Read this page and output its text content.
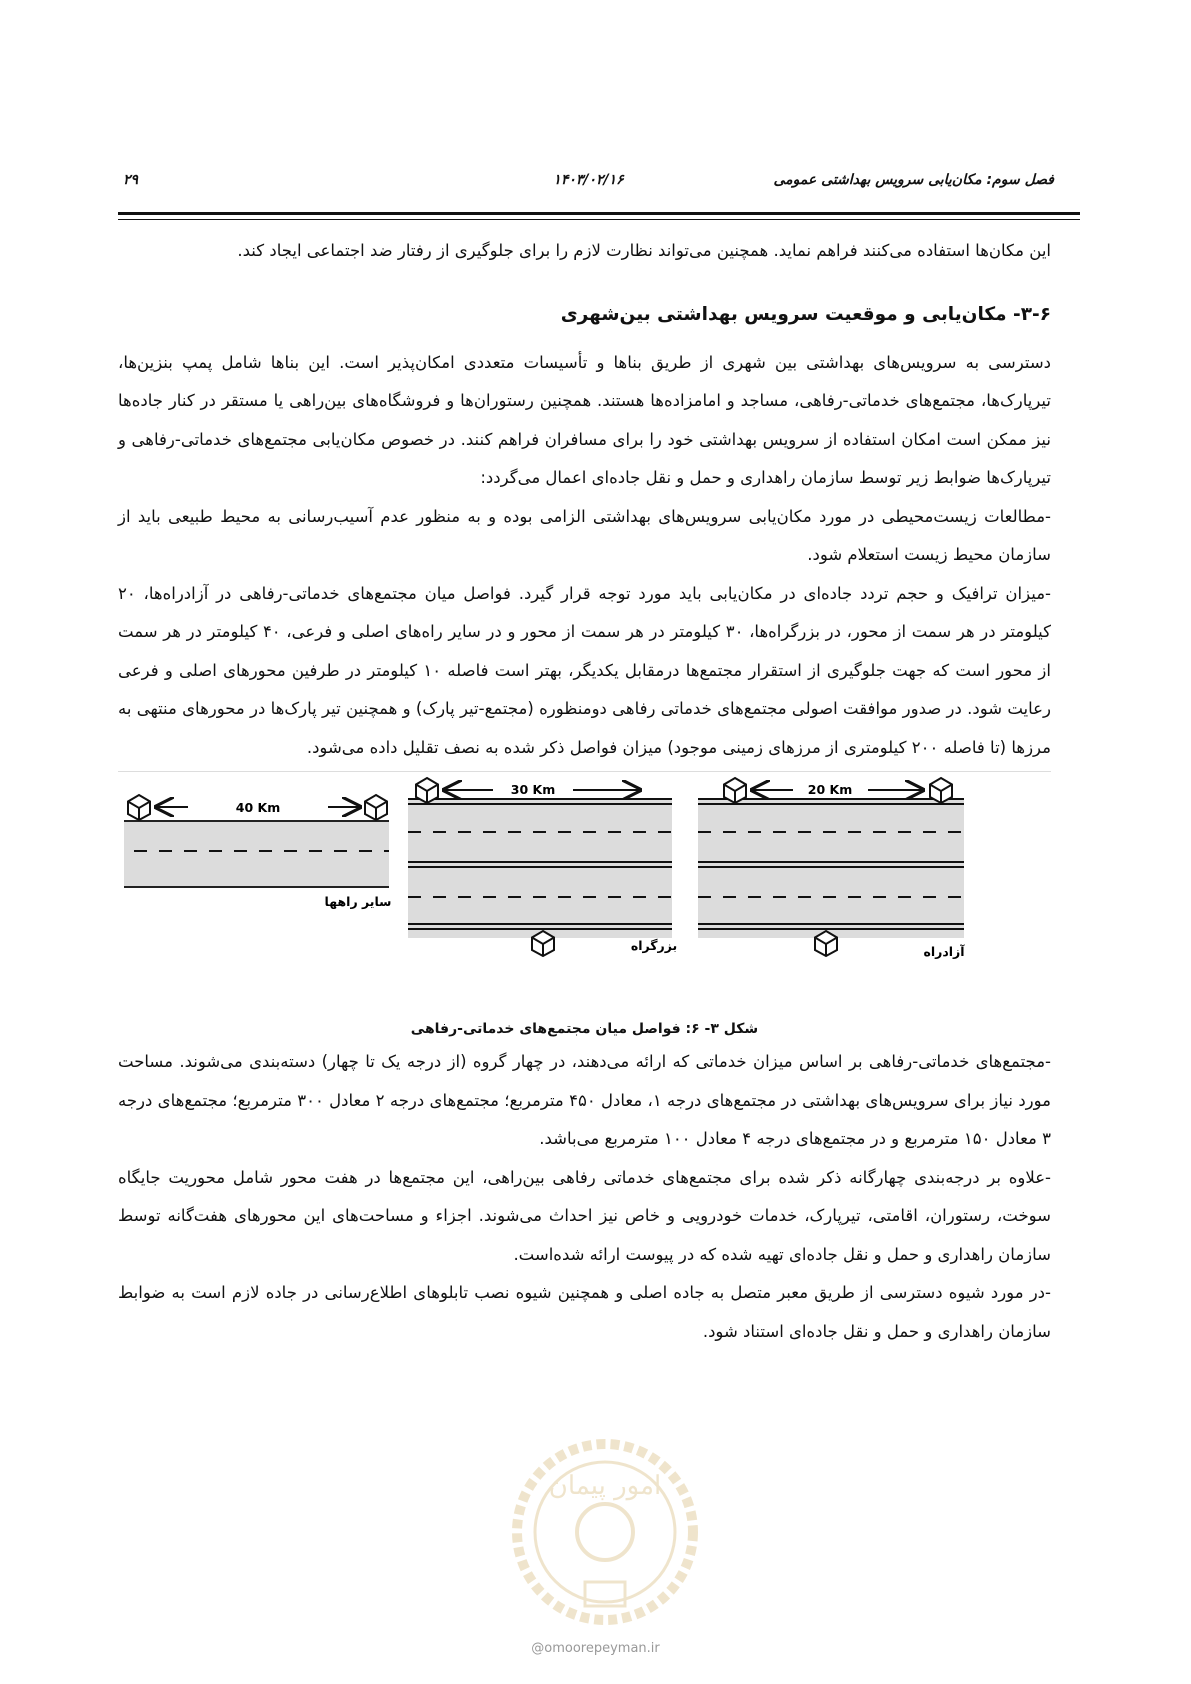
فصل سوم: مکان‌یابی سرویس بهداشتی عمومی
۱۴۰۳/۰۲/۱۶
۲۹

این مکان‌ها استفاده می‌کنند فراهم نماید. همچنین می‌تواند نظارت لازم را برای جلوگیری از رفتار ضد اجتماعی ایجاد کند.

۳-۶- مکان‌یابی و موقعیت سرویس بهداشتی بین‌شهری

دسترسی به سرویس‌های بهداشتی بین شهری از طریق بناها و تأسیسات متعددی امکان‌پذیر است. این بناها شامل پمپ بنزین‌ها، تیرپارک‌ها، مجتمع‌های خدماتی-رفاهی، مساجد و امامزاده‌ها هستند. همچنین رستوران‌ها و فروشگاه‌های بین‌راهی یا مستقر در کنار جاده‌ها نیز ممکن است امکان استفاده از سرویس بهداشتی خود را برای مسافران فراهم کنند. در خصوص مکان‌یابی مجتمع‌های خدماتی-رفاهی و تیرپارک‌ها ضوابط زیر توسط سازمان راهداری و حمل و نقل جاده‌ای اعمال می‌گردد:

-مطالعات زیست‌محیطی در مورد مکان‌یابی سرویس‌های بهداشتی الزامی بوده و به منظور عدم آسیب‌رسانی به محیط طبیعی باید از سازمان محیط زیست استعلام شود.

-میزان ترافیک و حجم تردد جاده‌ای در مکان‌یابی باید مورد توجه قرار گیرد. فواصل میان مجتمع‌های خدماتی-رفاهی در آزادراه‌ها، ۲۰ کیلومتر در هر سمت از محور، در بزرگراه‌ها، ۳۰ کیلومتر در هر سمت از محور و در سایر راه‌های اصلی و فرعی، ۴۰ کیلومتر در هر سمت از محور است که جهت جلوگیری از استقرار مجتمع‌ها درمقابل یکدیگر، بهتر است فاصله ۱۰ کیلومتر در طرفین محورهای اصلی و فرعی رعایت شود. در صدور موافقت اصولی مجتمع‌های خدماتی رفاهی دومنظوره (مجتمع-تیر پارک) و همچنین تیر پارک‌ها در محورهای منتهی به مرزها (تا فاصله ۲۰۰ کیلومتری از مرزهای زمینی موجود) میزان فواصل ذکر شده به نصف تقلیل داده می‌شود.

40 Km
سایر راهها
30 Km
بزرگراه
20 Km
آزادراه

شکل ۳- ۶: فواصل میان مجتمع‌های خدماتی-رفاهی

-مجتمع‌های خدماتی-رفاهی بر اساس میزان خدماتی که ارائه می‌دهند، در چهار گروه (از درجه یک تا چهار) دسته‌بندی می‌شوند. مساحت مورد نیاز برای سرویس‌های بهداشتی در مجتمع‌های درجه ۱، معادل ۴۵۰ مترمربع؛ مجتمع‌های درجه ۲ معادل ۳۰۰ مترمربع؛ مجتمع‌های درجه ۳ معادل ۱۵۰ مترمربع و در مجتمع‌های درجه ۴ معادل ۱۰۰ مترمربع می‌باشد.

-علاوه بر درجه‌بندی چهارگانه ذکر شده برای مجتمع‌های خدماتی رفاهی بین‌راهی، این مجتمع‌ها در هفت محور شامل محوریت جایگاه سوخت، رستوران، اقامتی، تیرپارک، خدمات خودرویی و خاص نیز احداث می‌شوند. اجزاء و مساحت‌های این محورهای هفت‌گانه توسط سازمان راهداری و حمل و نقل جاده‌ای تهیه شده که در پیوست ارائه شده‌است.

-در مورد شیوه دسترسی از طریق معبر متصل به جاده اصلی و همچنین شیوه نصب تابلوهای اطلاع‌رسانی در جاده لازم است به ضوابط سازمان راهداری و حمل و نقل جاده‌ای استناد شود.

امور پیمان
@omoorepeyman.ir
